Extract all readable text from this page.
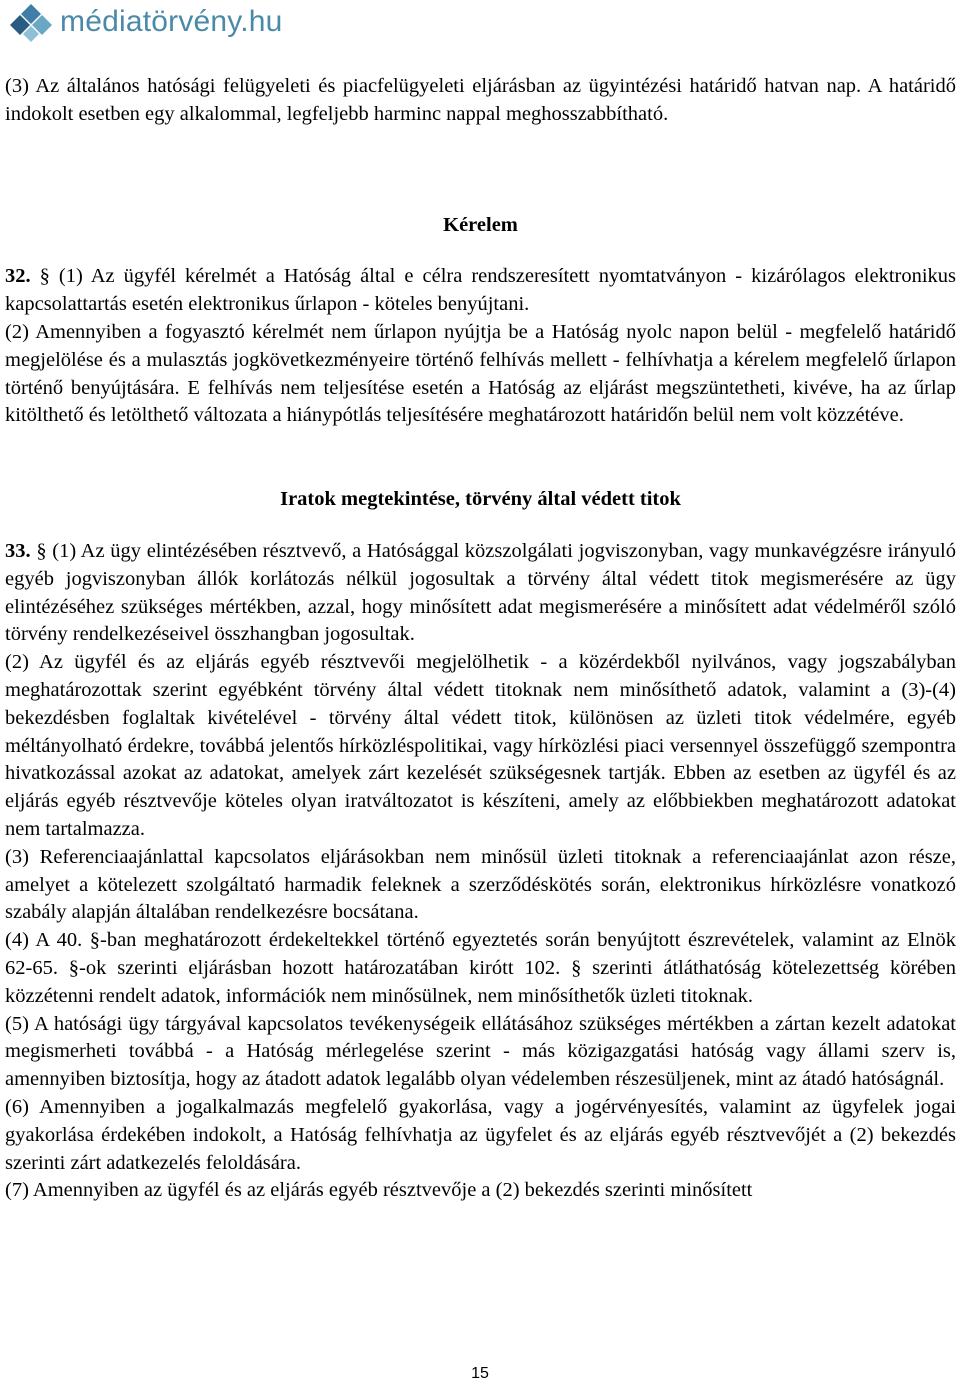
médiatörvény.hu

(3) Az általános hatósági felügyeleti és piacfelügyeleti eljárásban az ügyintézési határidő hatvan nap. A határidő indokolt esetben egy alkalommal, legfeljebb harminc nappal meghosszabbítható.

Kérelem

32. § (1) Az ügyfél kérelmét a Hatóság által e célra rendszeresített nyomtatványon - kizárólagos elektronikus kapcsolattartás esetén elektronikus űrlapon - köteles benyújtani.

(2) Amennyiben a fogyasztó kérelmét nem űrlapon nyújtja be a Hatóság nyolc napon belül - megfelelő határidő megjelölése és a mulasztás jogkövetkezményeire történő felhívás mellett - felhívhatja a kérelem megfelelő űrlapon történő benyújtására. E felhívás nem teljesítése esetén a Hatóság az eljárást megszüntetheti, kivéve, ha az űrlap kitölthető és letölthető változata a hiánypótlás teljesítésére meghatározott határidőn belül nem volt közzétéve.

Iratok megtekintése, törvény által védett titok

33. § (1) Az ügy elintézésében résztvevő, a Hatósággal közszolgálati jogviszonyban, vagy munkavégzésre irányuló egyéb jogviszonyban állók korlátozás nélkül jogosultak a törvény által védett titok megismerésére az ügy elintézéséhez szükséges mértékben, azzal, hogy minősített adat megismerésére a minősített adat védelméről szóló törvény rendelkezéseivel összhangban jogosultak.

(2) Az ügyfél és az eljárás egyéb résztvevői megjelölhetik - a közérdekből nyilvános, vagy jogszabályban meghatározottak szerint egyébként törvény által védett titoknak nem minősíthető adatok, valamint a (3)-(4) bekezdésben foglaltak kivételével - törvény által védett titok, különösen az üzleti titok védelmére, egyéb méltányolható érdekre, továbbá jelentős hírközléspolitikai, vagy hírközlési piaci versennyel összefüggő szempontra hivatkozással azokat az adatokat, amelyek zárt kezelését szükségesnek tartják. Ebben az esetben az ügyfél és az eljárás egyéb résztvevője köteles olyan iratváltozatot is készíteni, amely az előbbiekben meghatározott adatokat nem tartalmazza.

(3) Referenciaajánlattal kapcsolatos eljárásokban nem minősül üzleti titoknak a referenciaajánlat azon része, amelyet a kötelezett szolgáltató harmadik feleknek a szerződéskötés során, elektronikus hírközlésre vonatkozó szabály alapján általában rendelkezésre bocsátana.

(4) A 40. §-ban meghatározott érdekeltekkel történő egyeztetés során benyújtott észrevételek, valamint az Elnök 62-65. §-ok szerinti eljárásban hozott határozatában kirótt 102. § szerinti átláthatóság kötelezettség körében közzétenni rendelt adatok, információk nem minősülnek, nem minősíthetők üzleti titoknak.

(5) A hatósági ügy tárgyával kapcsolatos tevékenységeik ellátásához szükséges mértékben a zártan kezelt adatokat megismerheti továbbá - a Hatóság mérlegelése szerint - más közigazgatási hatóság vagy állami szerv is, amennyiben biztosítja, hogy az átadott adatok legalább olyan védelemben részesüljenek, mint az átadó hatóságnál.

(6) Amennyiben a jogalkalmazás megfelelő gyakorlása, vagy a jogérvényesítés, valamint az ügyfelek jogai gyakorlása érdekében indokolt, a Hatóság felhívhatja az ügyfelet és az eljárás egyéb résztvevőjét a (2) bekezdés szerinti zárt adatkezelés feloldására.

(7) Amennyiben az ügyfél és az eljárás egyéb résztvevője a (2) bekezdés szerinti minősített

15
